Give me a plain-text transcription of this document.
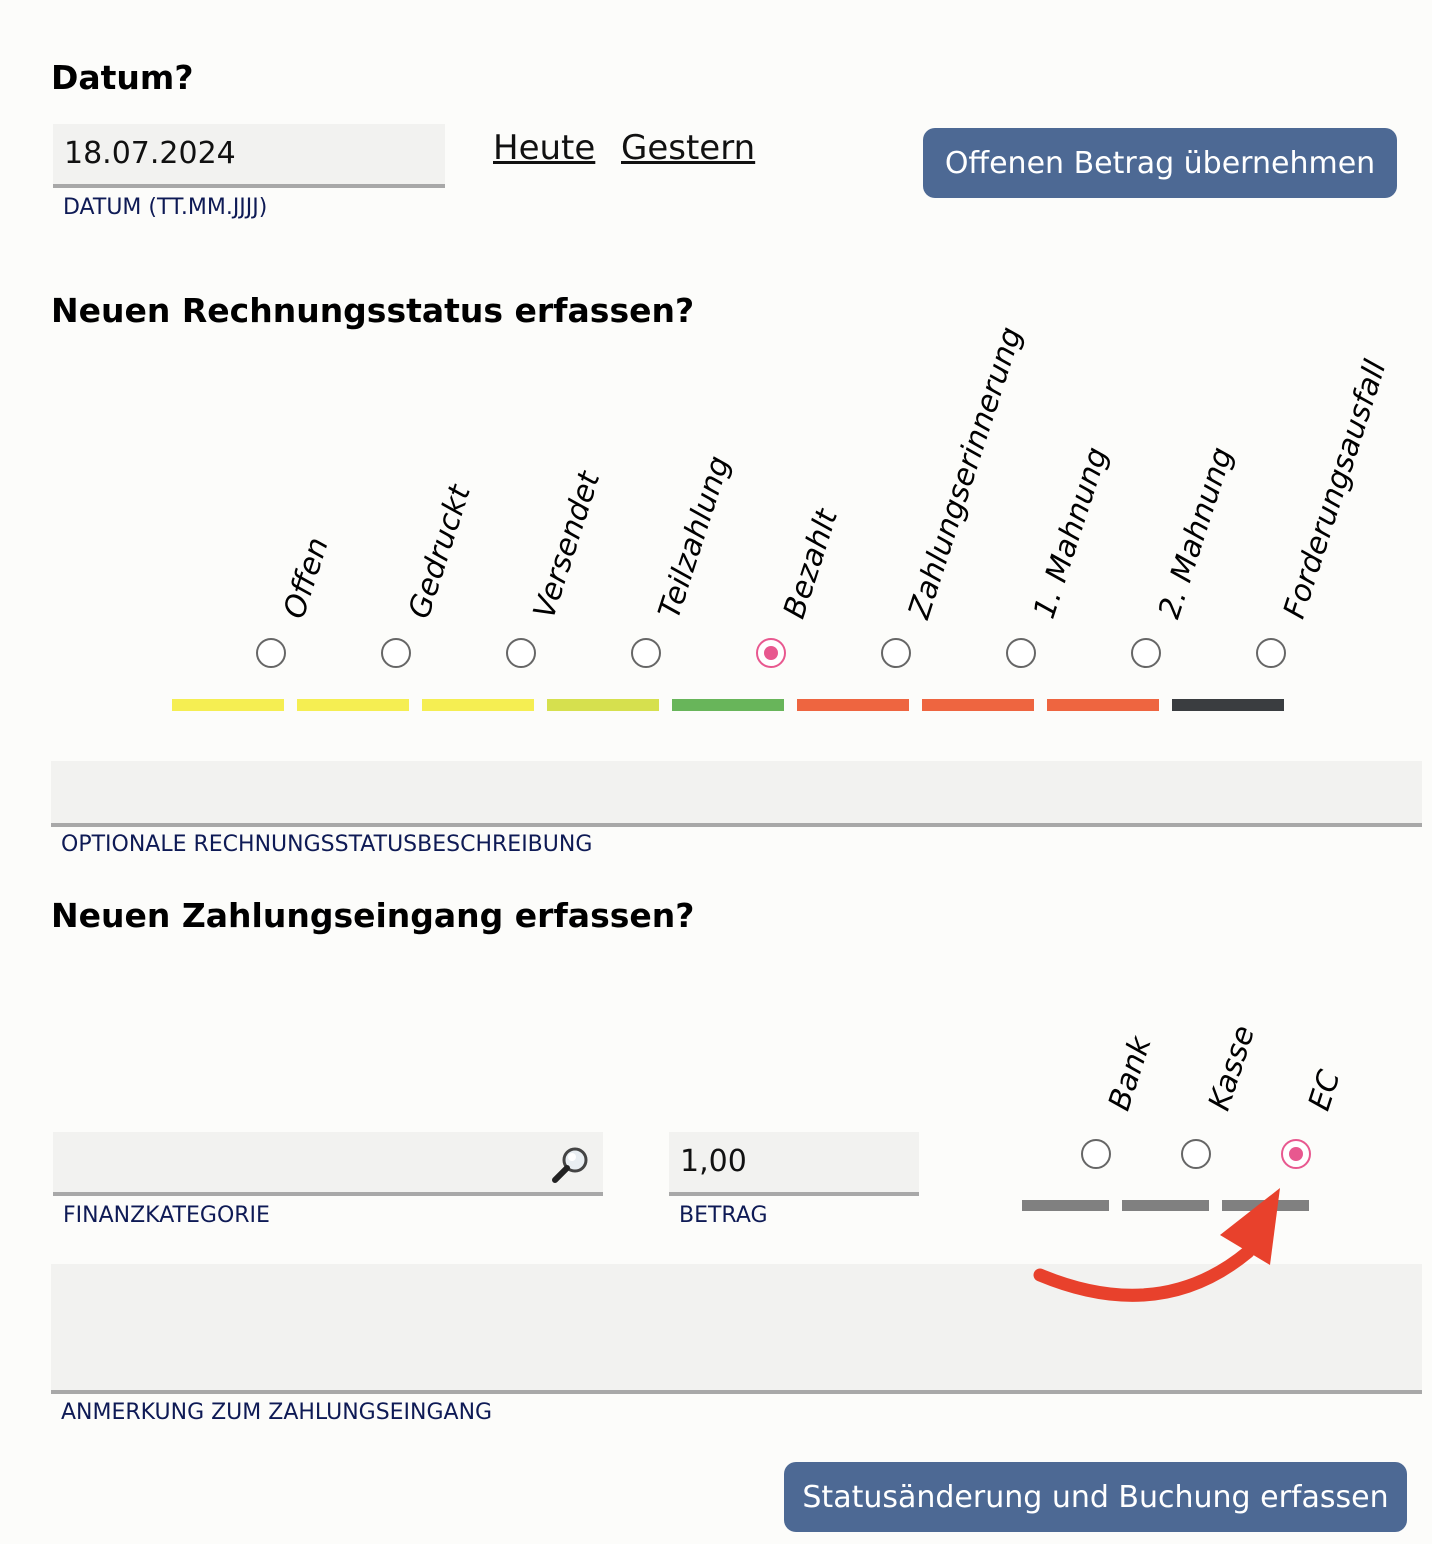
Datum?
18.07.2024
DATUM (TT.MM.JJJJ)
Heute Gestern	Offenen Betrag übernehmen
Neuen Rechnungsstatus erfassen?
Offen Gedruckt Versendet Teilzahlung Bezahlt Zahlungserinnerung
1. Mahnung 2. Mahnung Forderungsausfall
OPTIONALE RECHNUNGSSTATUSBESCHREIBUNG
Neuen Zahlungseingang erfassen?
FINANZKATEGORIE
1,00
BETRAG
Bank Kasse EC
ANMERKUNG ZUM ZAHLUNGSEINGANG
Statusänderung und Buchung erfassen
